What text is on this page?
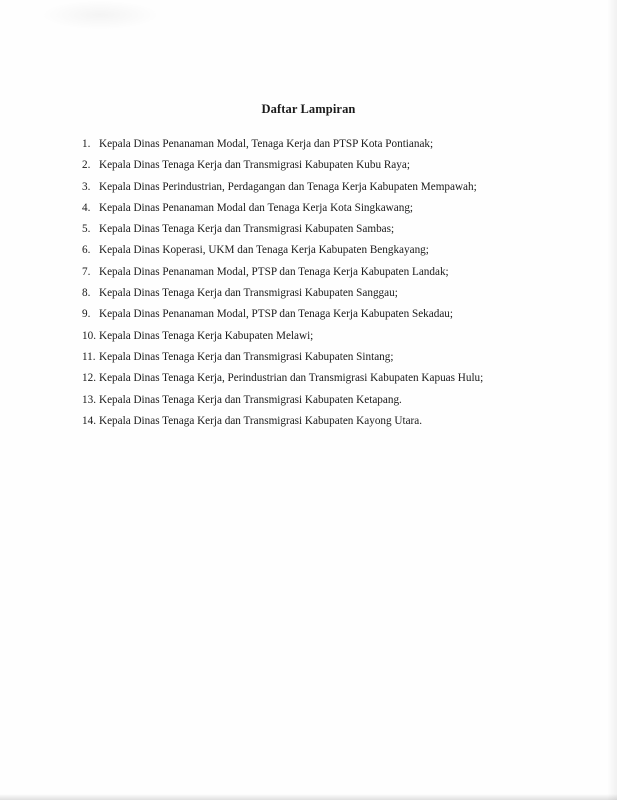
Daftar Lampiran
1. Kepala Dinas Penanaman Modal, Tenaga Kerja dan PTSP Kota Pontianak;
2. Kepala Dinas Tenaga Kerja dan Transmigrasi Kabupaten Kubu Raya;
3. Kepala Dinas Perindustrian, Perdagangan dan Tenaga Kerja Kabupaten Mempawah;
4. Kepala Dinas Penanaman Modal dan Tenaga Kerja Kota Singkawang;
5. Kepala Dinas Tenaga Kerja dan Transmigrasi Kabupaten Sambas;
6. Kepala Dinas Koperasi, UKM dan Tenaga Kerja Kabupaten Bengkayang;
7. Kepala Dinas Penanaman Modal, PTSP dan Tenaga Kerja Kabupaten Landak;
8. Kepala Dinas Tenaga Kerja dan Transmigrasi Kabupaten Sanggau;
9. Kepala Dinas Penanaman Modal, PTSP dan Tenaga Kerja Kabupaten Sekadau;
10. Kepala Dinas Tenaga Kerja Kabupaten Melawi;
11. Kepala Dinas Tenaga Kerja dan Transmigrasi Kabupaten Sintang;
12. Kepala Dinas Tenaga Kerja, Perindustrian dan Transmigrasi Kabupaten Kapuas Hulu;
13. Kepala Dinas Tenaga Kerja dan Transmigrasi Kabupaten Ketapang.
14. Kepala Dinas Tenaga Kerja dan Transmigrasi Kabupaten Kayong Utara.
